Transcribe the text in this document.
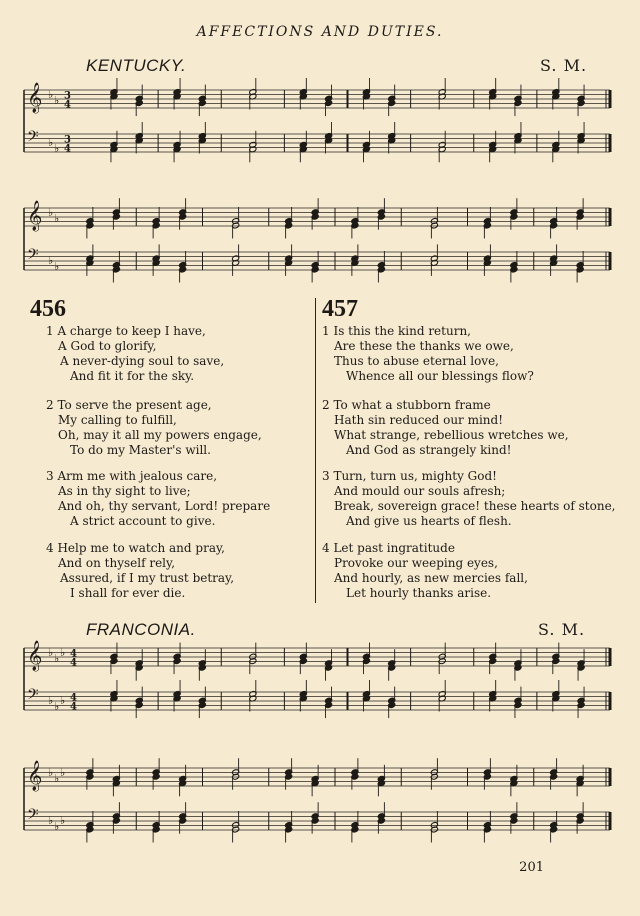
AFFECTIONS AND DUTIES.
KENTUCKY.	S. M.
𝄞 ♭ ♭ 3
4
𝄢 ♭ ♭
3
4
𝄞 ♭ ♭
𝄢 ♭ ♭
456
1 A charge to keep I have,
A God to glorify,
A never-dying soul to save,
And fit it for the sky.
2 To serve the present age,
My calling to fulfill,
Oh, may it all my powers engage,
To do my Master's will.
3 Arm me with jealous care,
As in thy sight to live;
And oh, thy servant, Lord! prepare
A strict account to give.
4 Help me to watch and pray,
And on thyself rely,
Assured, if I my trust betray,
I shall for ever die.
457
1 Is this the kind return,
Are these the thanks we owe,
Thus to abuse eternal love,
Whence all our blessings flow?
2 To what a stubborn frame
Hath sin reduced our mind!
What strange, rebellious wretches we,
And God as strangely kind!
3 Turn, turn us, mighty God!
And mould our souls afresh;
Break, sovereign grace! these hearts of stone,
And give us hearts of flesh.
4 Let past ingratitude
Provoke our weeping eyes,
And hourly, as new mercies fall,
Let hourly thanks arise.
FRANCONIA.	S. M.
𝄞 ♭ ♭ ♭ 4
4
𝄢 ♭ ♭ ♭ 4
4
𝄞 ♭ ♭ ♭
𝄢 ♭ ♭ ♭
201
